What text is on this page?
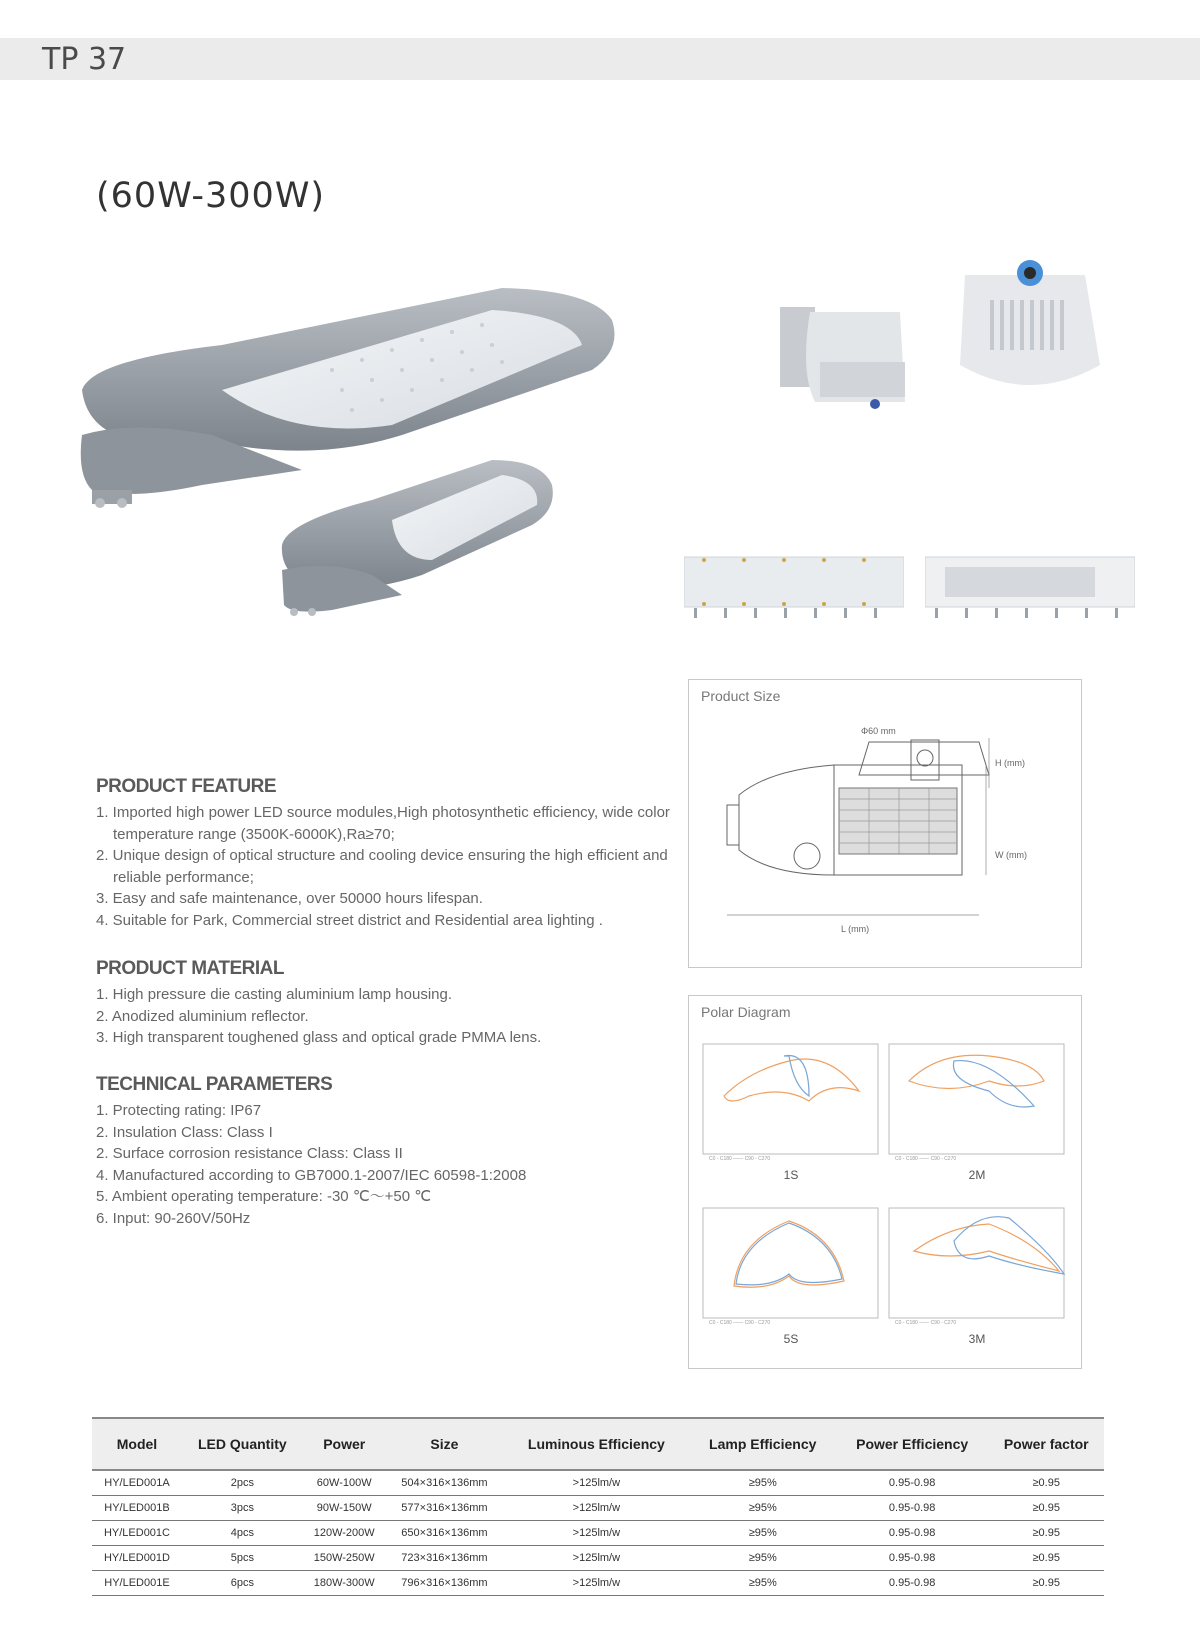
TP 37
(60W-300W)
PRODUCT FEATURE
1. Imported high power LED source modules,High photosynthetic efficiency, wide color
temperature range (3500K-6000K),Ra≥70;
2. Unique design of optical structure and cooling device ensuring the high efficient and
reliable performance;
3. Easy and safe maintenance, over 50000 hours lifespan.
4. Suitable for Park, Commercial street district and Residential area lighting .
PRODUCT MATERIAL
1. High pressure die casting aluminium lamp housing.
2. Anodized aluminium reflector.
3. High transparent toughened glass and optical grade PMMA lens.
TECHNICAL PARAMETERS
1. Protecting rating: IP67
2. Insulation Class: Class I
2. Surface corrosion resistance Class: Class II
4. Manufactured according to GB7000.1-2007/IEC 60598-1:2008
5. Ambient operating temperature: -30 ℃～+50 ℃
6. Input: 90-260V/50Hz
Product Size
Φ60 mm
H (mm)
W (mm)
L (mm)
Polar Diagram
C0 - C180 —— C90 - C270	C0 - C180 —— C90 - C270
C0 - C180 —— C90 - C270	C0 - C180 —— C90 - C270
1S	2M
5S	3M
Model	LED Quantity	Power	Size	Luminous Efficiency	Lamp Efficiency	Power Efficiency	Power factor
HY/LED001A	2pcs	60W-100W	504×316×136mm	>125lm/w	≥95%	0.95-0.98	≥0.95
HY/LED001B	3pcs	90W-150W	577×316×136mm	>125lm/w	≥95%	0.95-0.98	≥0.95
HY/LED001C	4pcs	120W-200W	650×316×136mm	>125lm/w	≥95%	0.95-0.98	≥0.95
HY/LED001D	5pcs	150W-250W	723×316×136mm	>125lm/w	≥95%	0.95-0.98	≥0.95
HY/LED001E	6pcs	180W-300W	796×316×136mm	>125lm/w	≥95%	0.95-0.98	≥0.95
